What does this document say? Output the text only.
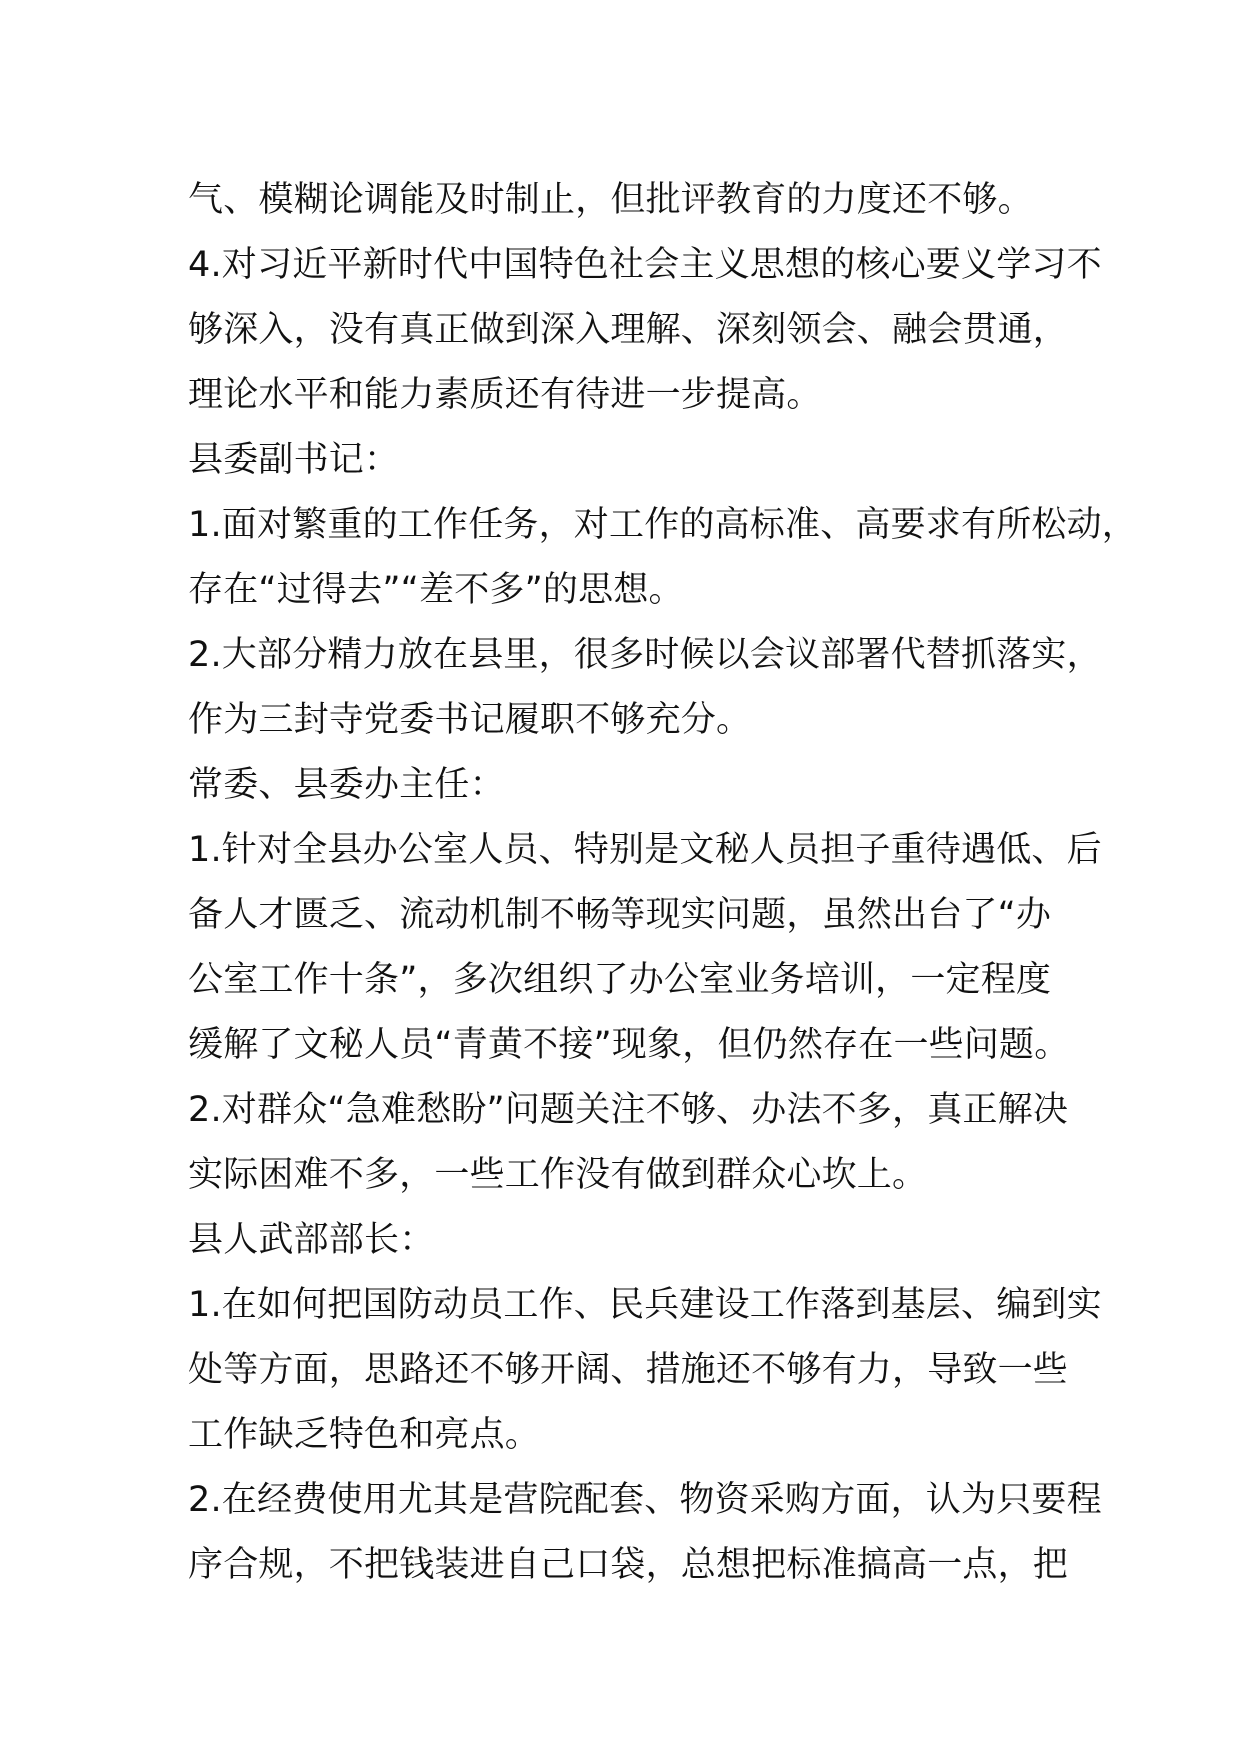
气、模糊论调能及时制止，但批评教育的力度还不够。
4.对习近平新时代中国特色社会主义思想的核心要义学习不
够深入，没有真正做到深入理解、深刻领会、融会贯通，
理论水平和能力素质还有待进一步提高。
县委副书记：
1.面对繁重的工作任务，对工作的高标准、高要求有所松动，
存在“过得去”“差不多”的思想。
2.大部分精力放在县里，很多时候以会议部署代替抓落实，
作为三封寺党委书记履职不够充分。
常委、县委办主任：
1.针对全县办公室人员、特别是文秘人员担子重待遇低、后
备人才匮乏、流动机制不畅等现实问题，虽然出台了“办
公室工作十条”，多次组织了办公室业务培训，一定程度
缓解了文秘人员“青黄不接”现象，但仍然存在一些问题。
2.对群众“急难愁盼”问题关注不够、办法不多，真正解决
实际困难不多，一些工作没有做到群众心坎上。
县人武部部长：
1.在如何把国防动员工作、民兵建设工作落到基层、编到实
处等方面，思路还不够开阔、措施还不够有力，导致一些
工作缺乏特色和亮点。
2.在经费使用尤其是营院配套、物资采购方面，认为只要程
序合规，不把钱装进自己口袋，总想把标准搞高一点，把
